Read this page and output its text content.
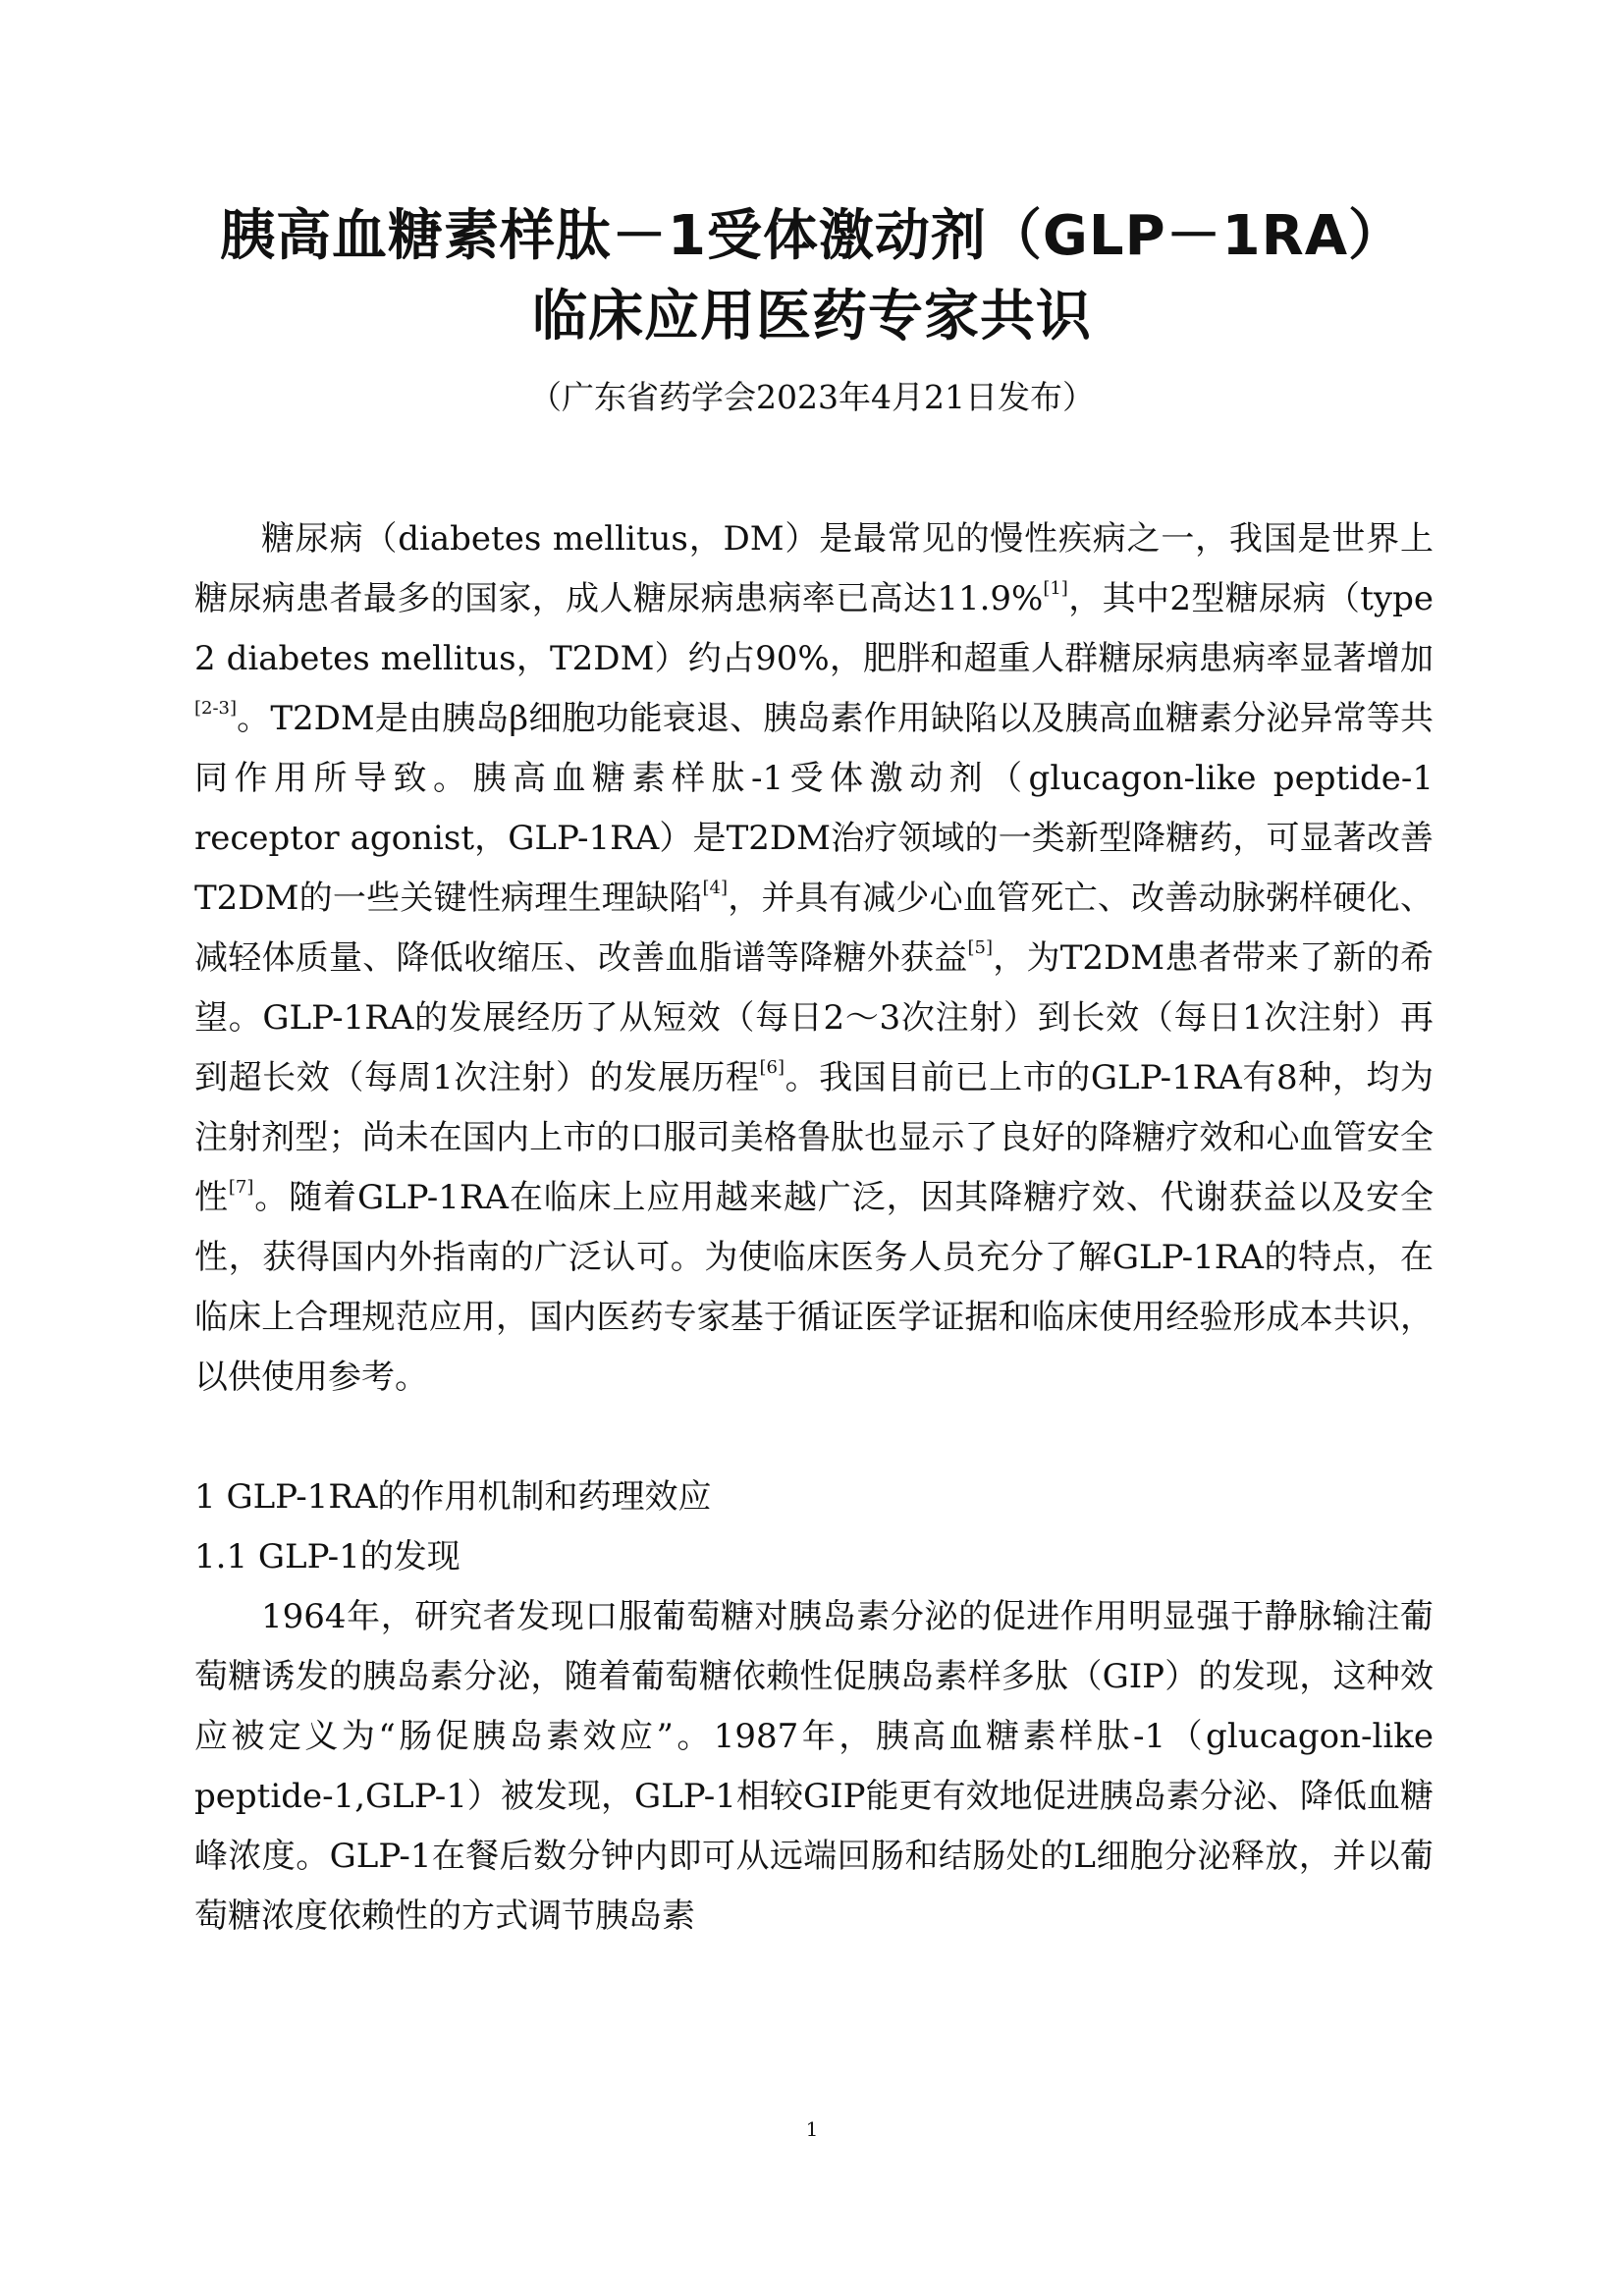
胰高血糖素样肽－1受体激动剂（GLP－1RA）
临床应用医药专家共识
（广东省药学会2023年4月21日发布）

糖尿病（diabetes mellitus，DM）是最常见的慢性疾病之一，我国是世界上糖尿病患者最多的国家，成人糖尿病患病率已高达11.9%[1]，其中2型糖尿病（type 2 diabetes mellitus，T2DM）约占90%，肥胖和超重人群糖尿病患病率显著增加[2-3]。T2DM是由胰岛β细胞功能衰退、胰岛素作用缺陷以及胰高血糖素分泌异常等共同作用所导致。胰高血糖素样肽-1受体激动剂（glucagon-like peptide-1 receptor agonist，GLP-1RA）是T2DM治疗领域的一类新型降糖药，可显著改善T2DM的一些关键性病理生理缺陷[4]，并具有减少心血管死亡、改善动脉粥样硬化、减轻体质量、降低收缩压、改善血脂谱等降糖外获益[5]，为T2DM患者带来了新的希望。GLP-1RA的发展经历了从短效（每日2～3次注射）到长效（每日1次注射）再到超长效（每周1次注射）的发展历程[6]。我国目前已上市的GLP-1RA有8种，均为注射剂型；尚未在国内上市的口服司美格鲁肽也显示了良好的降糖疗效和心血管安全性[7]。随着GLP-1RA在临床上应用越来越广泛，因其降糖疗效、代谢获益以及安全性，获得国内外指南的广泛认可。为使临床医务人员充分了解GLP-1RA的特点，在临床上合理规范应用，国内医药专家基于循证医学证据和临床使用经验形成本共识，以供使用参考。

1 GLP-1RA的作用机制和药理效应

1.1 GLP-1的发现

1964年，研究者发现口服葡萄糖对胰岛素分泌的促进作用明显强于静脉输注葡萄糖诱发的胰岛素分泌，随着葡萄糖依赖性促胰岛素样多肽（GIP）的发现，这种效应被定义为“肠促胰岛素效应”。1987年，胰高血糖素样肽-1（glucagon-like peptide-1,GLP-1）被发现，GLP-1相较GIP能更有效地促进胰岛素分泌、降低血糖峰浓度。GLP-1在餐后数分钟内即可从远端回肠和结肠处的L细胞分泌释放，并以葡萄糖浓度依赖性的方式调节胰岛素

1
